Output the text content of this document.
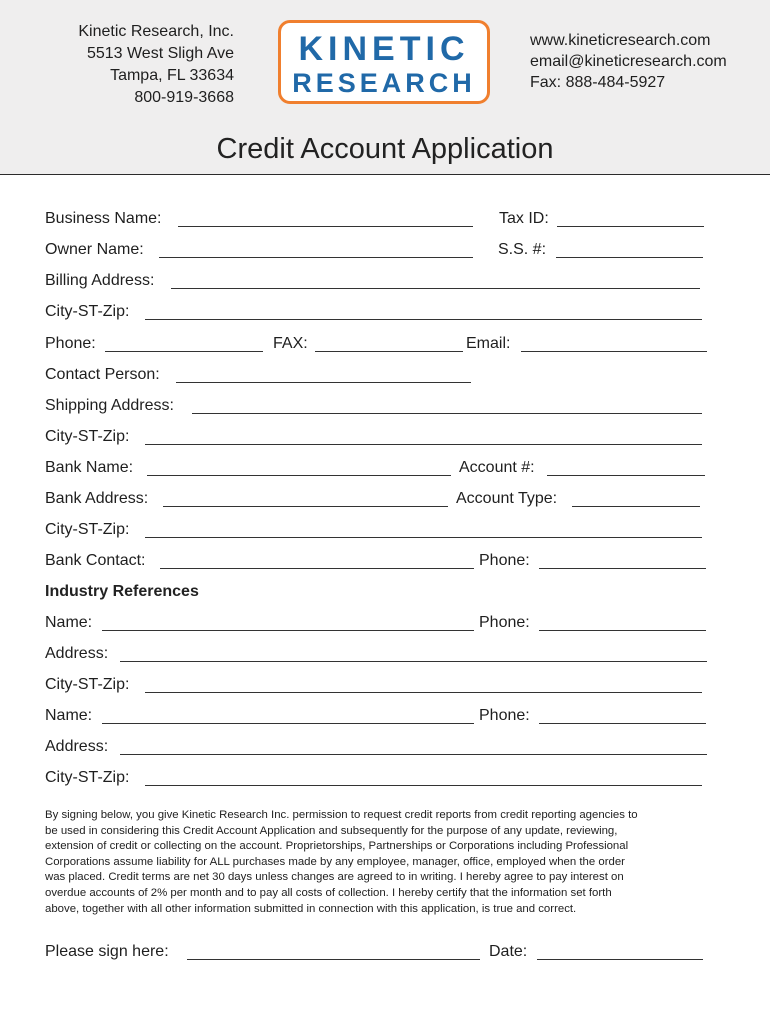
Kinetic Research, Inc.
5513 West Sligh Ave
Tampa, FL 33634
800-919-3668
KINETIC
RESEARCH
www.kineticresearch.com
email@kineticresearch.com
Fax: 888-484-5927
Credit Account Application
Business Name:	Tax ID:
Owner Name:	S.S. #:
Billing Address:
City-ST-Zip:
Phone:	FAX:	Email:
Contact Person:
Shipping Address:
City-ST-Zip:
Bank Name:	Account #:
Bank Address:	Account Type:
City-ST-Zip:
Bank Contact:	Phone:
Industry References
Name:	Phone:
Address:
City-ST-Zip:
Name:	Phone:
Address:
City-ST-Zip:
By signing below, you give Kinetic Research Inc. permission to request credit reports from credit reporting agencies to
be used in considering this Credit Account Application and subsequently for the purpose of any update, reviewing,
extension of credit or collecting on the account. Proprietorships, Partnerships or Corporations including Professional
Corporations assume liability for ALL purchases made by any employee, manager, office, employed when the order
was placed. Credit terms are net 30 days unless changes are agreed to in writing. I hereby agree to pay interest on
overdue accounts of 2% per month and to pay all costs of collection. I hereby certify that the information set forth
above, together with all other information submitted in connection with this application, is true and correct.
Please sign here:	Date:
